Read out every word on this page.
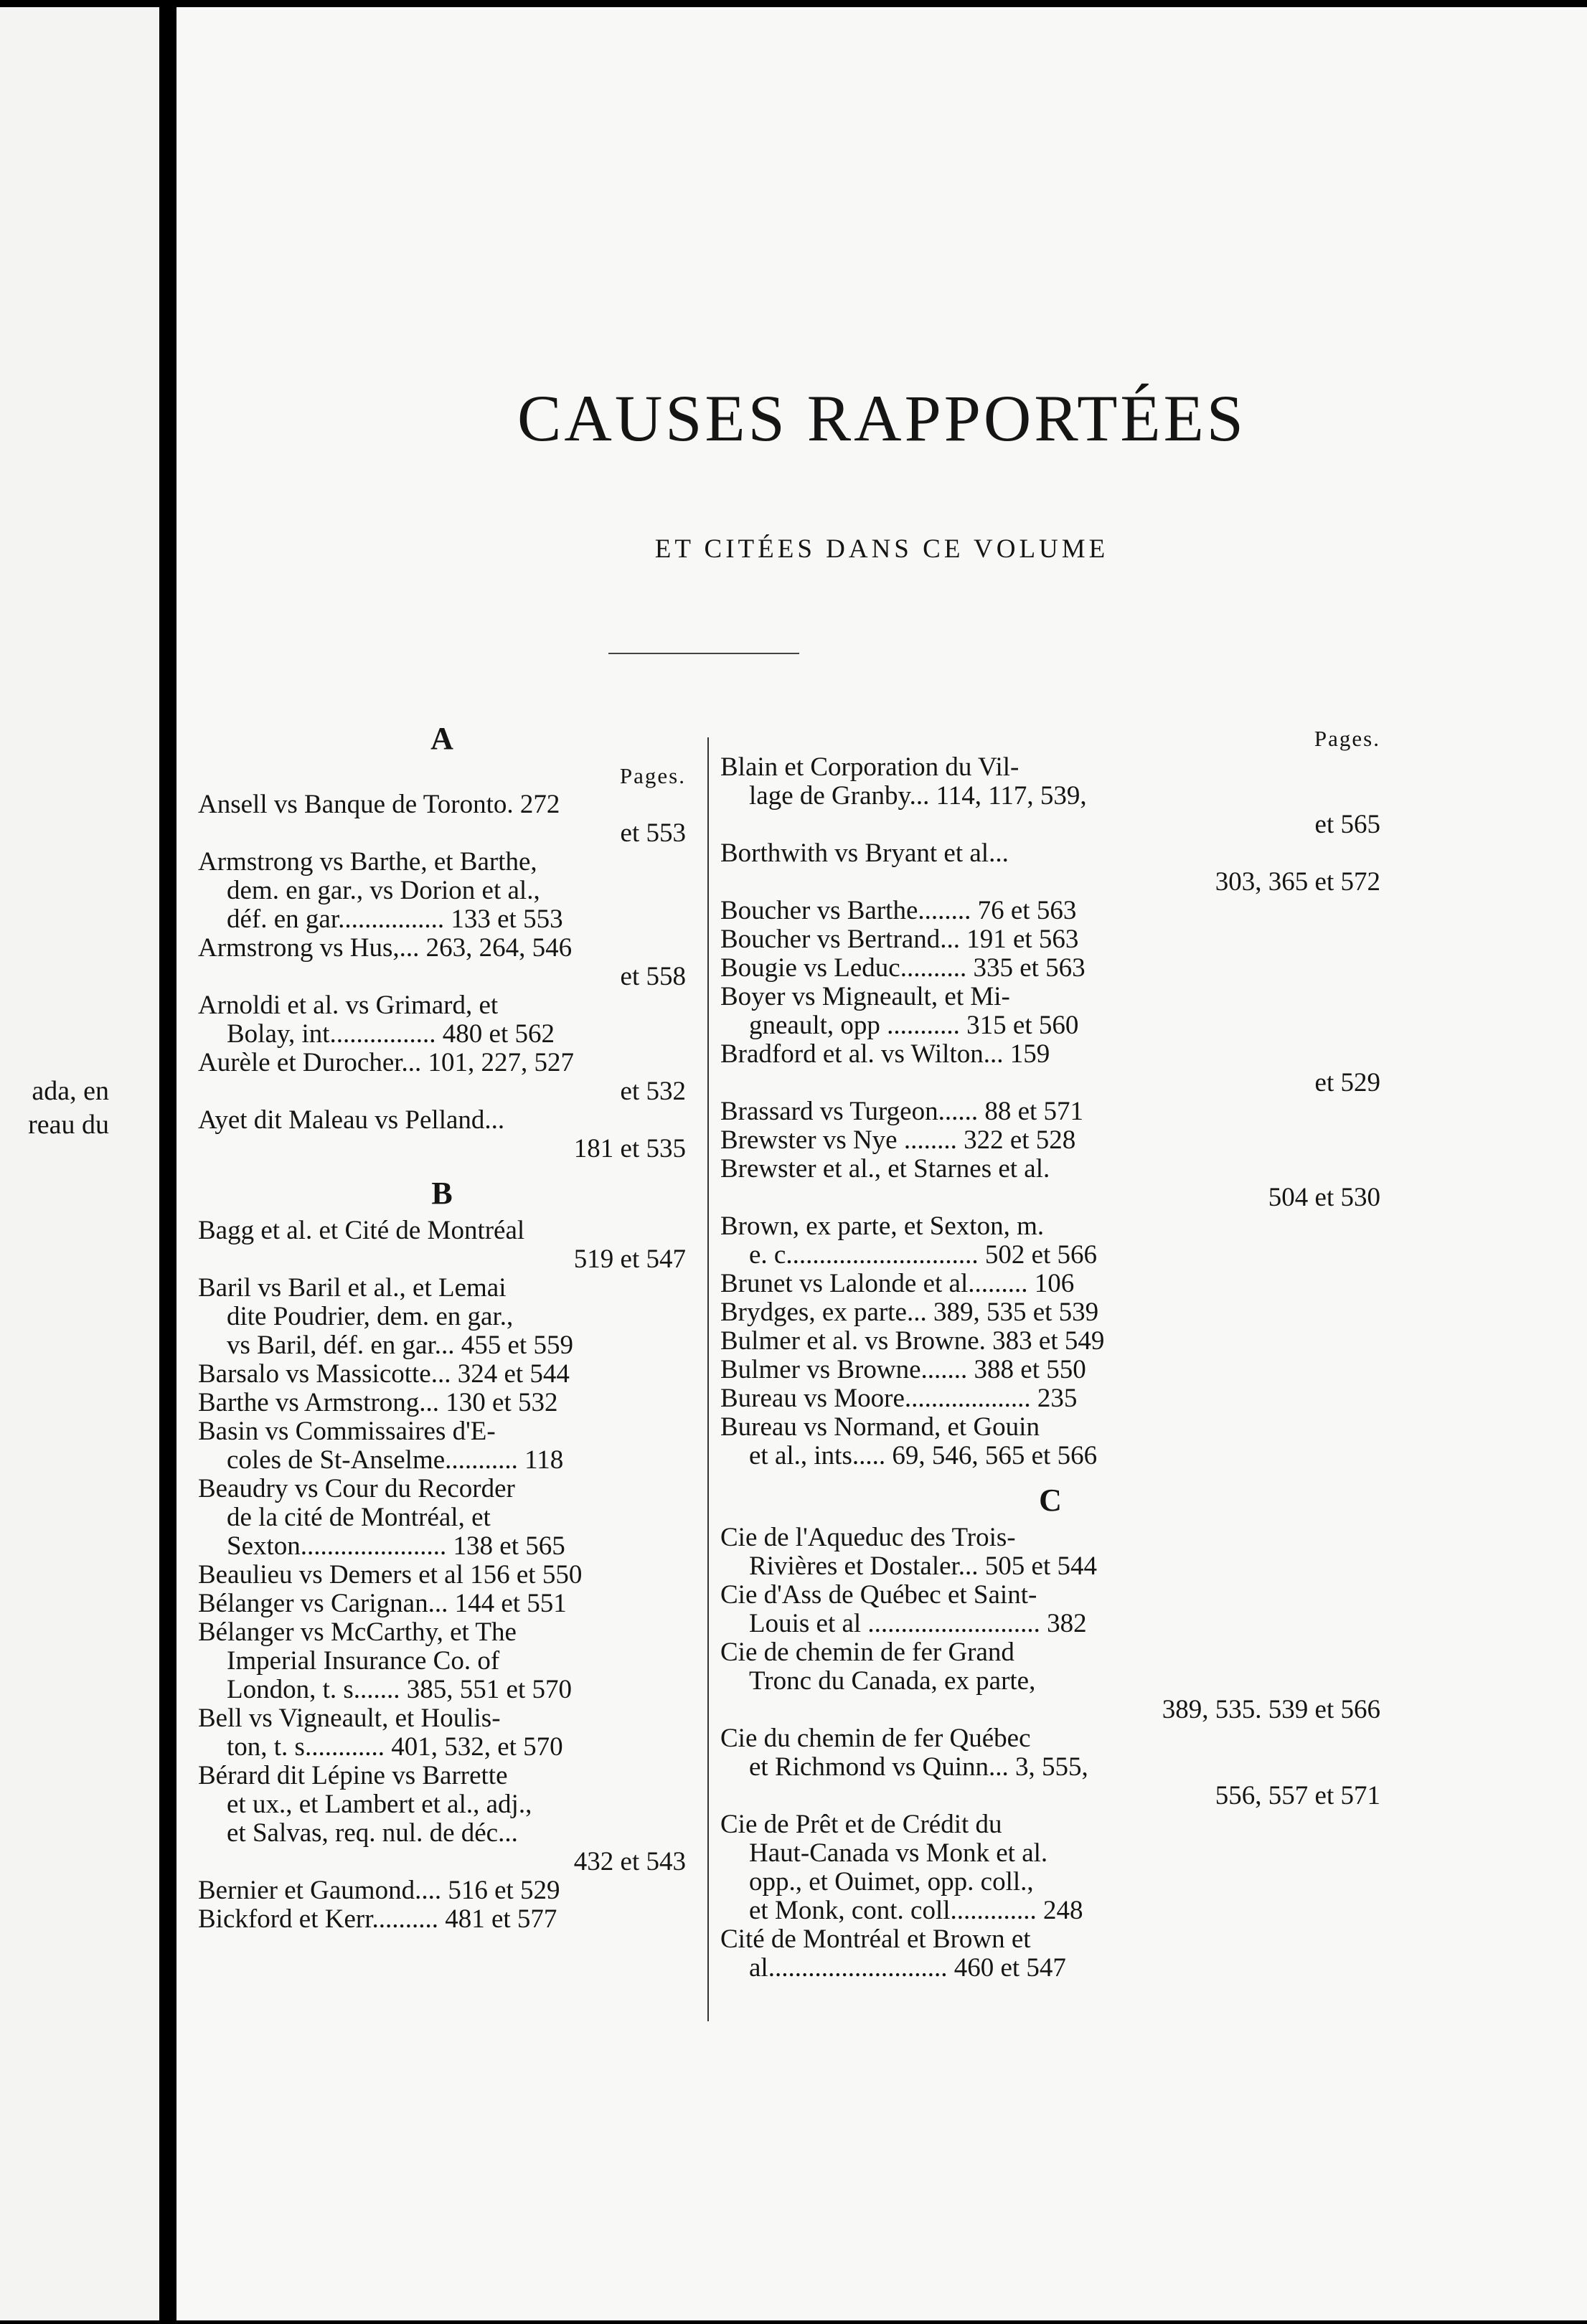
ada, en
reau du
CAUSES RAPPORTÉES
ET CITÉES DANS CE VOLUME
A
Pages.
Ansell vs Banque de Toronto. 272
et 553
Armstrong vs Barthe, et Barthe,
dem. en gar., vs Dorion et al.,
déf. en gar................ 133 et 553
Armstrong vs Hus,... 263, 264, 546
et 558
Arnoldi et al. vs Grimard, et
Bolay, int................ 480 et 562
Aurèle et Durocher... 101, 227, 527
et 532
Ayet dit Maleau vs Pelland...
181 et 535
B
Bagg et al. et Cité de Montréal
519 et 547
Baril vs Baril et al., et Lemai
dite Poudrier, dem. en gar.,
vs Baril, déf. en gar... 455 et 559
Barsalo vs Massicotte... 324 et 544
Barthe vs Armstrong... 130 et 532
Basin vs Commissaires d'E-
coles de St-Anselme........... 118
Beaudry vs Cour du Recorder
de la cité de Montréal, et
Sexton...................... 138 et 565
Beaulieu vs Demers et al 156 et 550
Bélanger vs Carignan... 144 et 551
Bélanger vs McCarthy, et The
Imperial Insurance Co. of
London, t. s....... 385, 551 et 570
Bell vs Vigneault, et Houlis-
ton, t. s............ 401, 532, et 570
Bérard dit Lépine vs Barrette
et ux., et Lambert et al., adj.,
et Salvas, req. nul. de déc...
432 et 543
Bernier et Gaumond.... 516 et 529
Bickford et Kerr.......... 481 et 577
Pages.
Blain et Corporation du Vil-
lage de Granby... 114, 117, 539,
et 565
Borthwith vs Bryant et al...
303, 365 et 572
Boucher vs Barthe........ 76 et 563
Boucher vs Bertrand... 191 et 563
Bougie vs Leduc.......... 335 et 563
Boyer vs Migneault, et Mi-
gneault, opp ........... 315 et 560
Bradford et al. vs Wilton... 159
et 529
Brassard vs Turgeon...... 88 et 571
Brewster vs Nye ........ 322 et 528
Brewster et al., et Starnes et al.
504 et 530
Brown, ex parte, et Sexton, m.
e. c............................. 502 et 566
Brunet vs Lalonde et al......... 106
Brydges, ex parte... 389, 535 et 539
Bulmer et al. vs Browne. 383 et 549
Bulmer vs Browne....... 388 et 550
Bureau vs Moore................... 235
Bureau vs Normand, et Gouin
et al., ints..... 69, 546, 565 et 566
C
Cie de l'Aqueduc des Trois-
Rivières et Dostaler... 505 et 544
Cie d'Ass de Québec et Saint-
Louis et al .......................... 382
Cie de chemin de fer Grand
Tronc du Canada, ex parte,
389, 535. 539 et 566
Cie du chemin de fer Québec
et Richmond vs Quinn... 3, 555,
556, 557 et 571
Cie de Prêt et de Crédit du
Haut-Canada vs Monk et al.
opp., et Ouimet, opp. coll.,
et Monk, cont. coll............. 248
Cité de Montréal et Brown et
al........................... 460 et 547
